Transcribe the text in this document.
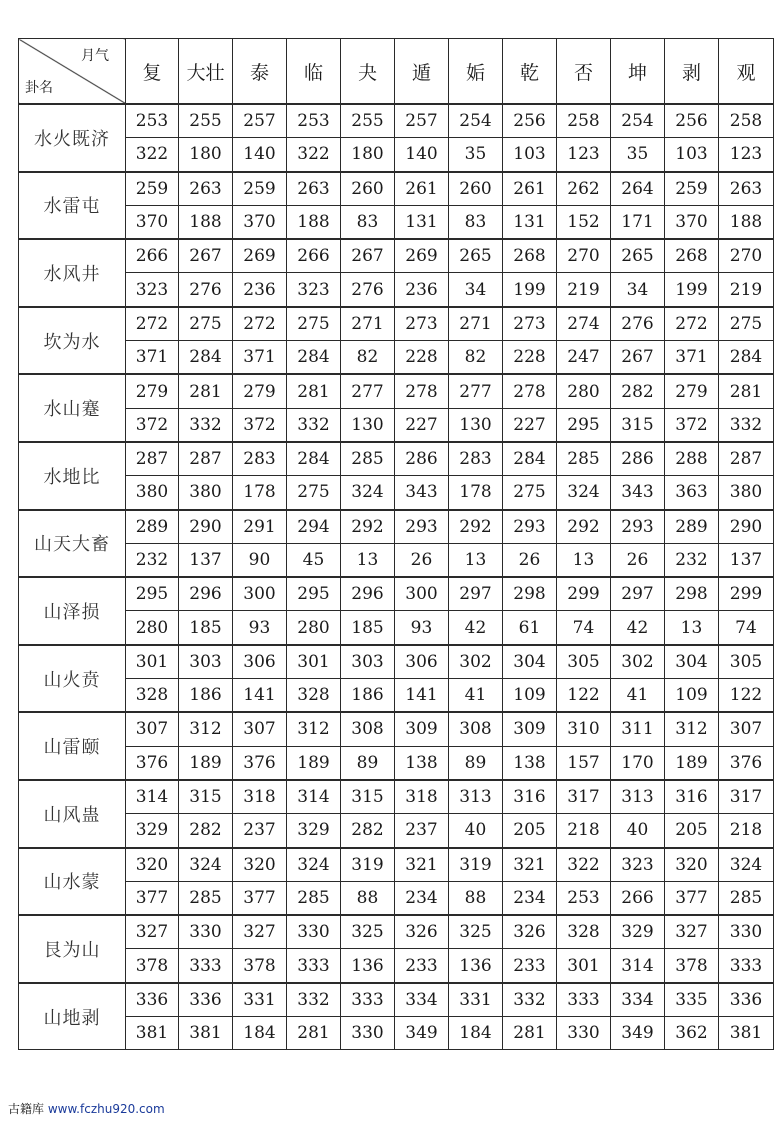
月气
卦名	复	大壮	泰	临	夬	遁	姤	乾	否	坤	剥	观
水火既济	253	255	257	253	255	257	254	256	258	254	256	258
	322	180	140	322	180	140	35	103	123	35	103	123
水雷屯	259	263	259	263	260	261	260	261	262	264	259	263
	370	188	370	188	83	131	83	131	152	171	370	188
水风井	266	267	269	266	267	269	265	268	270	265	268	270
	323	276	236	323	276	236	34	199	219	34	199	219
坎为水	272	275	272	275	271	273	271	273	274	276	272	275
	371	284	371	284	82	228	82	228	247	267	371	284
水山蹇	279	281	279	281	277	278	277	278	280	282	279	281
	372	332	372	332	130	227	130	227	295	315	372	332
水地比	287	287	283	284	285	286	283	284	285	286	288	287
	380	380	178	275	324	343	178	275	324	343	363	380
山天大畜	289	290	291	294	292	293	292	293	292	293	289	290
	232	137	90	45	13	26	13	26	13	26	232	137
山泽损	295	296	300	295	296	300	297	298	299	297	298	299
	280	185	93	280	185	93	42	61	74	42	13	74
山火贲	301	303	306	301	303	306	302	304	305	302	304	305
	328	186	141	328	186	141	41	109	122	41	109	122
山雷颐	307	312	307	312	308	309	308	309	310	311	312	307
	376	189	376	189	89	138	89	138	157	170	189	376
山风蛊	314	315	318	314	315	318	313	316	317	313	316	317
	329	282	237	329	282	237	40	205	218	40	205	218
山水蒙	320	324	320	324	319	321	319	321	322	323	320	324
	377	285	377	285	88	234	88	234	253	266	377	285
艮为山	327	330	327	330	325	326	325	326	328	329	327	330
	378	333	378	333	136	233	136	233	301	314	378	333
山地剥	336	336	331	332	333	334	331	332	333	334	335	336
	381	381	184	281	330	349	184	281	330	349	362	381
古籍库 www.fczhu920.com
